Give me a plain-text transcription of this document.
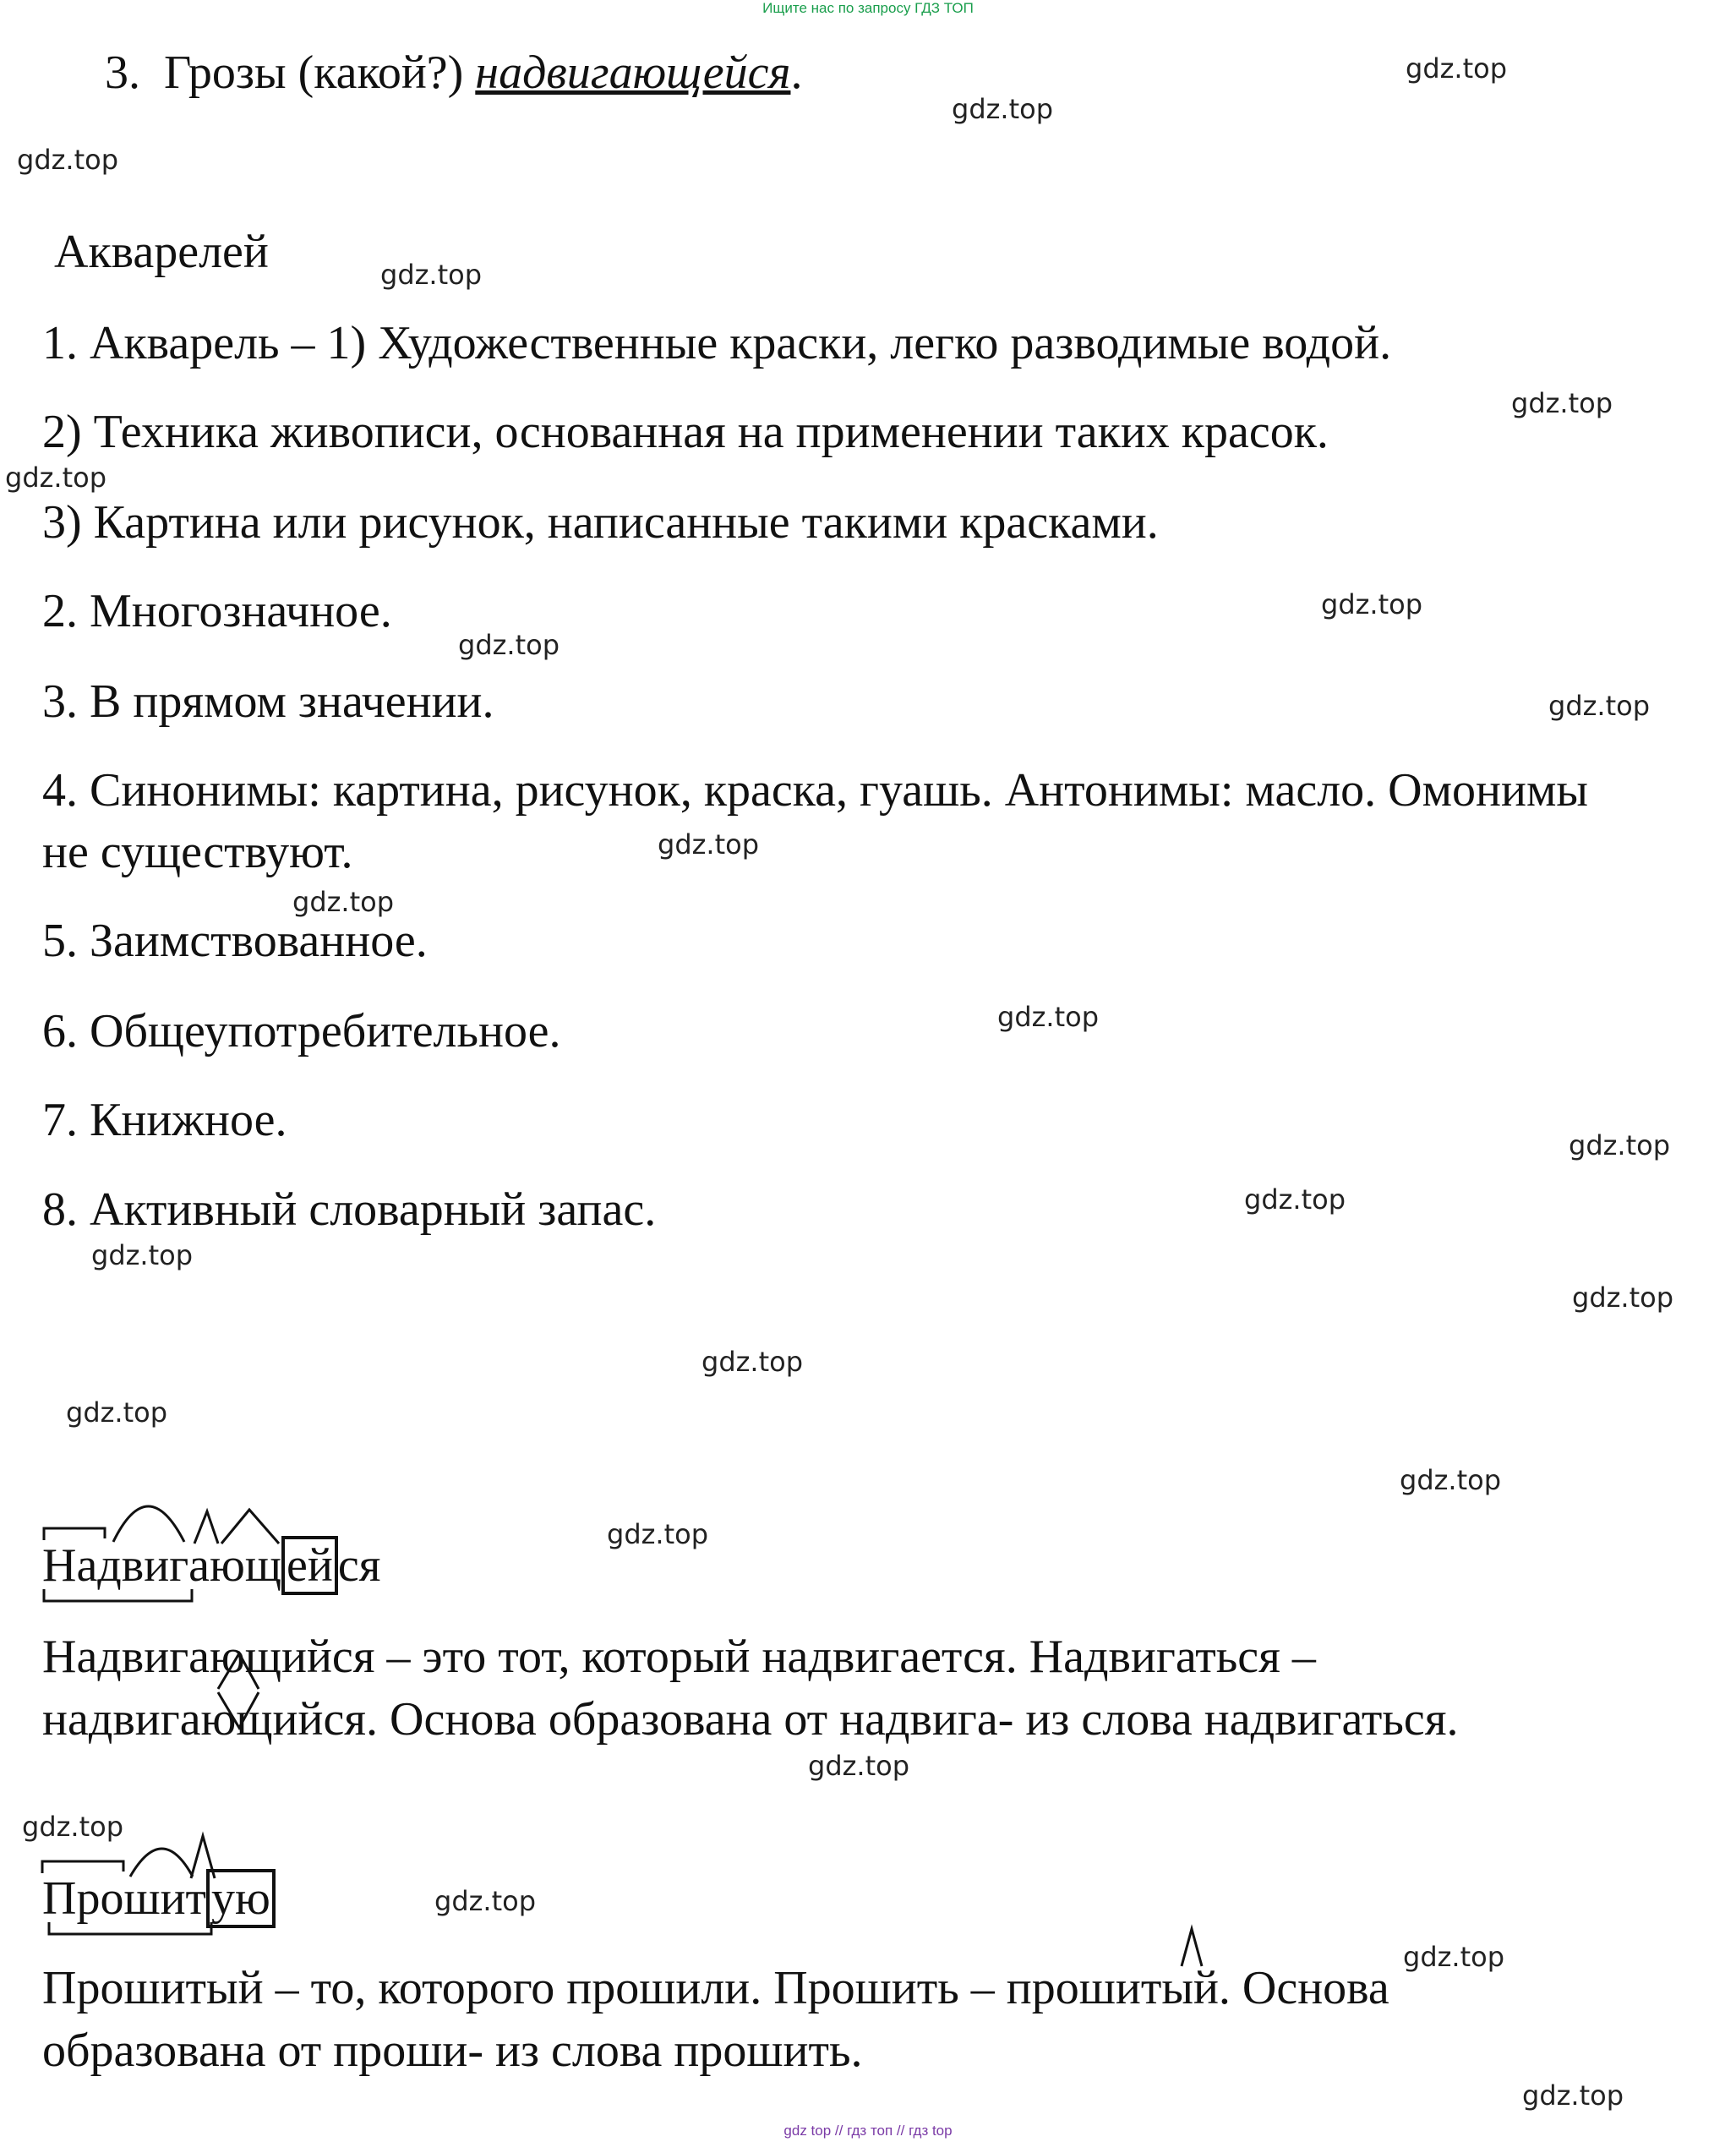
Ищите нас по запросу ГДЗ ТОП
3. Грозы (какой?) надвигающейся.
Акварелей
1. Акварель – 1) Художественные краски, легко разводимые водой.
2) Техника живописи, основанная на применении таких красок.
3) Картина или рисунок, написанные такими красками.
2. Многозначное.
3. В прямом значении.
4. Синонимы: картина, рисунок, краска, гуашь. Антонимы: масло. Омонимы
не существуют.
5. Заимствованное.
6. Общеупотребительное.
7. Книжное.
8. Активный словарный запас.
Надвигающ ей ся
Надвигающийся – это тот, который надвигается. Надвигаться –
надвигающийся. Основа образована от надвига- из слова надвигаться.
Прошит ую
Прошитый – то, которого прошили. Прошить – прошитый. Основа
образована от проши- из слова прошить.
gdz.top
gdz.top
gdz.top
gdz.top
gdz.top
gdz.top
gdz.top
gdz.top
gdz.top
gdz.top
gdz.top
gdz.top
gdz.top
gdz.top
gdz.top
gdz.top
gdz.top
gdz.top
gdz.top
gdz.top
gdz.top
gdz.top
gdz.top
gdz.top
gdz.top
gdz top // гдз топ // гдз top
